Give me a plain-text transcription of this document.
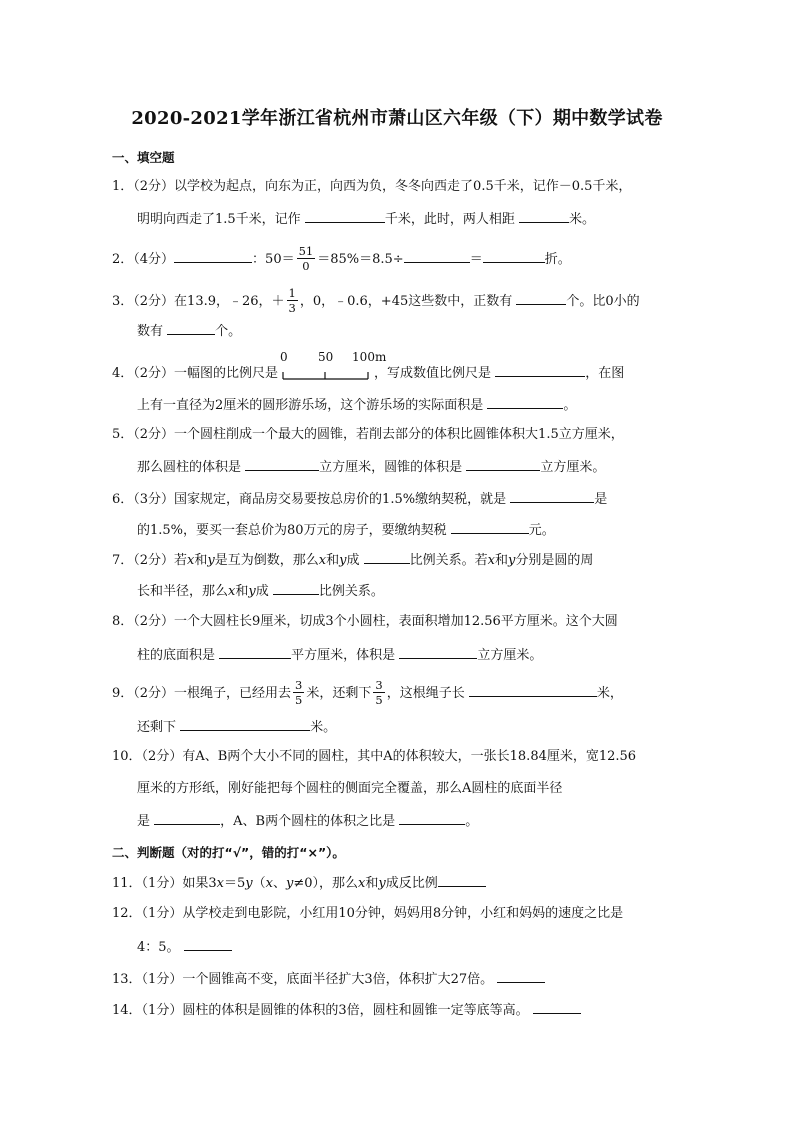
2020-2021学年浙江省杭州市萧山区六年级（下）期中数学试卷
一、填空题
1．（2分）以学校为起点，向东为正，向西为负，冬冬向西走了0.5千米，记作－0.5千米，
明明向西走了1.5千米，记作	千米，此时，两人相距	米。
2．（4分）	：$50= \frac{51}{0} =85\%=8.5\div$	＝	折。
3．（2分）在13.9，﹣26，＋ $\frac{1}{3}$ ，0，﹣0.6，+45这些数中，正数有	个。比0小的
数有	个。
4．（2分）一幅图的比例尺是
0	50 100m
，写成数值比例尺是	，在图
上有一直径为2厘米的圆形游乐场，这个游乐场的实际面积是	。
5．（2分）一个圆柱削成一个最大的圆锥，若削去部分的体积比圆锥体积大1.5立方厘米，
那么圆柱的体积是	立方厘米，圆锥的体积是	立方厘米。
6．（3分）国家规定，商品房交易要按总房价的1.5%缴纳契税，就是	是
的1.5%，要买一套总价为80万元的房子，要缴纳契税	元。
7．（2分）若x和y是互为倒数，那么x和y成	比例关系。若x和y分别是圆的周
长和半径，那么x和y成	比例关系。
8．（2分）一个大圆柱长9厘米，切成3个小圆柱，表面积增加12.56平方厘米。这个大圆
柱的底面积是	平方厘米，体积是	立方厘米。
9．（2分）一根绳子，已经用去 $\frac{3}{5}$ 米，还剩下 $\frac{3}{5}$ ，这根绳子长	米，
还剩下	米。
10．（2分）有A、B两个大小不同的圆柱，其中A的体积较大，一张长18.84厘米，宽12.56
厘米的方形纸，刚好能把每个圆柱的侧面完全覆盖，那么A圆柱的底面半径
是	，A、B两个圆柱的体积之比是	。
二、判断题（对的打“√”，错的打“×”）。
11．（1分）如果3x＝5y（x、y≠0），那么x和y成反比例
12．（1分）从学校走到电影院，小红用10分钟，妈妈用8分钟，小红和妈妈的速度之比是
4：5。
13．（1分）一个圆锥高不变，底面半径扩大3倍，体积扩大27倍。
14．（1分）圆柱的体积是圆锥的体积的3倍，圆柱和圆锥一定等底等高。
